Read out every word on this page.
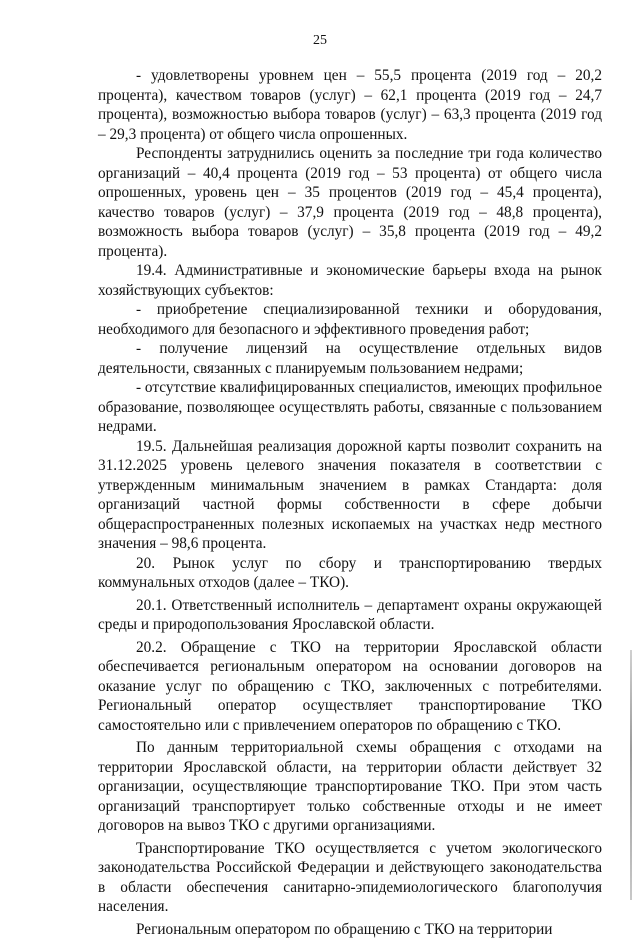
25

- удовлетворены уровнем цен – 55,5 процента (2019 год – 20,2 процента), качеством товаров (услуг) – 62,1 процента (2019 год – 24,7 процента), возможностью выбора товаров (услуг) – 63,3 процента (2019 год – 29,3 процента) от общего числа опрошенных.

Респонденты затруднились оценить за последние три года количество организаций – 40,4 процента (2019 год – 53 процента) от общего числа опрошенных, уровень цен – 35 процентов (2019 год – 45,4 процента), качество товаров (услуг) – 37,9 процента (2019 год – 48,8 процента), возможность выбора товаров (услуг) – 35,8 процента (2019 год – 49,2 процента).

19.4. Административные и экономические барьеры входа на рынок хозяйствующих субъектов:

- приобретение специализированной техники и оборудования, необходимого для безопасного и эффективного проведения работ;

- получение лицензий на осуществление отдельных видов деятельности, связанных с планируемым пользованием недрами;

- отсутствие квалифицированных специалистов, имеющих профильное образование, позволяющее осуществлять работы, связанные с пользованием недрами.

19.5. Дальнейшая реализация дорожной карты позволит сохранить на 31.12.2025 уровень целевого значения показателя в соответствии с утвержденным минимальным значением в рамках Стандарта: доля организаций частной формы собственности в сфере добычи общераспространенных полезных ископаемых на участках недр местного значения – 98,6 процента.

20. Рынок услуг по сбору и транспортированию твердых коммунальных отходов (далее – ТКО).

20.1. Ответственный исполнитель – департамент охраны окружающей среды и природопользования Ярославской области.

20.2. Обращение с ТКО на территории Ярославской области обеспечивается региональным оператором на основании договоров на оказание услуг по обращению с ТКО, заключенных с потребителями. Региональный оператор осуществляет транспортирование ТКО самостоятельно или с привлечением операторов по обращению с ТКО.

По данным территориальной схемы обращения с отходами на территории Ярославской области, на территории области действует 32 организации, осуществляющие транспортирование ТКО. При этом часть организаций транспортирует только собственные отходы и не имеет договоров на вывоз ТКО с другими организациями.

Транспортирование ТКО осуществляется с учетом экологического законодательства Российской Федерации и действующего законодательства в области обеспечения санитарно-эпидемиологического благополучия населения.

Региональным оператором по обращению с ТКО на территории
